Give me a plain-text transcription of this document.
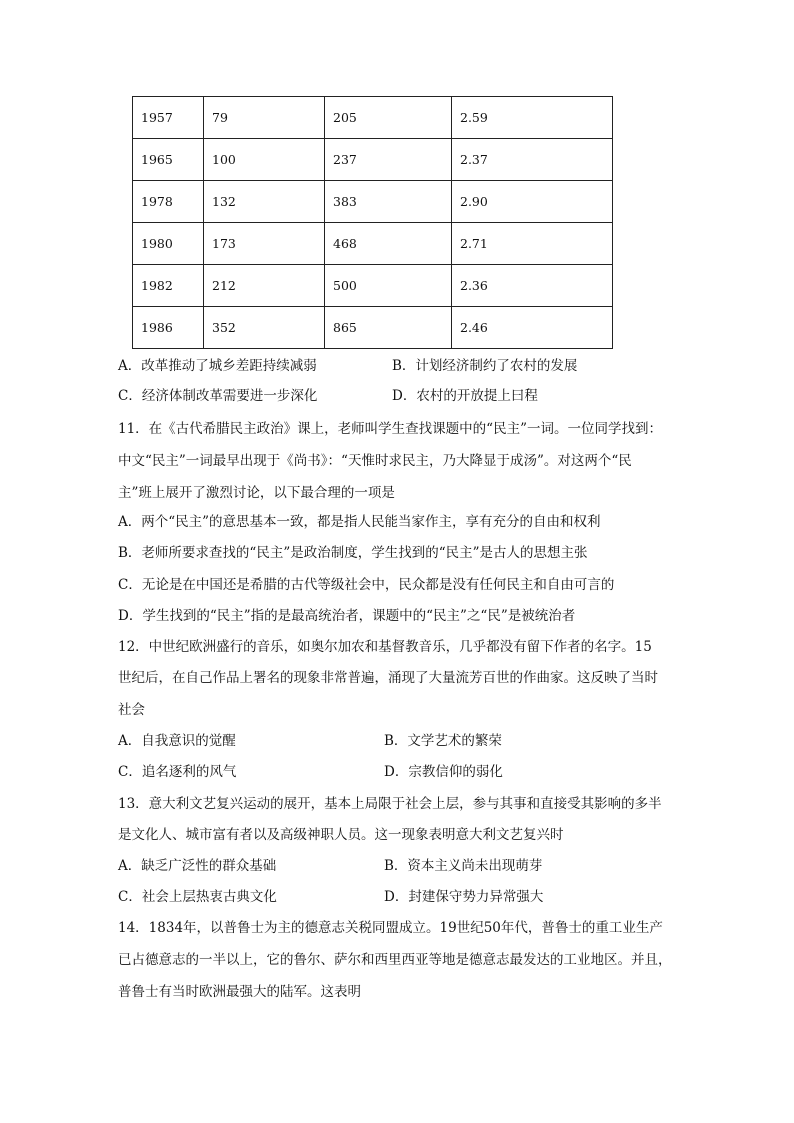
1957	79	205	2.59
1965	100	237	2.37
1978	132	383	2.90
1980	173	468	2.71
1982	212	500	2.36
1986	352	865	2.46
A．改革推动了城乡差距持续减弱	B．计划经济制约了农村的发展
C．经济体制改革需要进一步深化	D．农村的开放提上曰程
11．在《古代希腊民主政治》课上，老师叫学生查找课题中的“民主”一词。一位同学找到：
中文“民主”一词最早出现于《尚书》：“天惟时求民主，乃大降显于成汤”。对这两个“民
主”班上展开了激烈讨论，以下最合理的一项是
A．两个“民主”的意思基本一致，都是指人民能当家作主，享有充分的自由和权利
B．老师所要求查找的“民主”是政治制度，学生找到的“民主”是古人的思想主张
C．无论是在中国还是希腊的古代等级社会中，民众都是没有任何民主和自由可言的
D．学生找到的“民主”指的是最高统治者，课题中的“民主”之“民”是被统治者
12．中世纪欧洲盛行的音乐，如奥尔加农和基督教音乐，几乎都没有留下作者的名字。15
世纪后，在自己作品上署名的现象非常普遍，涌现了大量流芳百世的作曲家。这反映了当时
社会
A．自我意识的觉醒	B．文学艺术的繁荣
C．追名逐利的风气	D．宗教信仰的弱化
13．意大利文艺复兴运动的展开，基本上局限于社会上层，参与其事和直接受其影响的多半
是文化人、城市富有者以及高级神职人员。这一现象表明意大利文艺复兴时
A．缺乏广泛性的群众基础	B．资本主义尚未出现萌芽
C．社会上层热衷古典文化	D．封建保守势力异常强大
14．1834年，以普鲁士为主的德意志关税同盟成立。19世纪50年代，普鲁士的重工业生产
已占德意志的一半以上，它的鲁尔、萨尔和西里西亚等地是德意志最发达的工业地区。并且，
普鲁士有当时欧洲最强大的陆军。这表明
